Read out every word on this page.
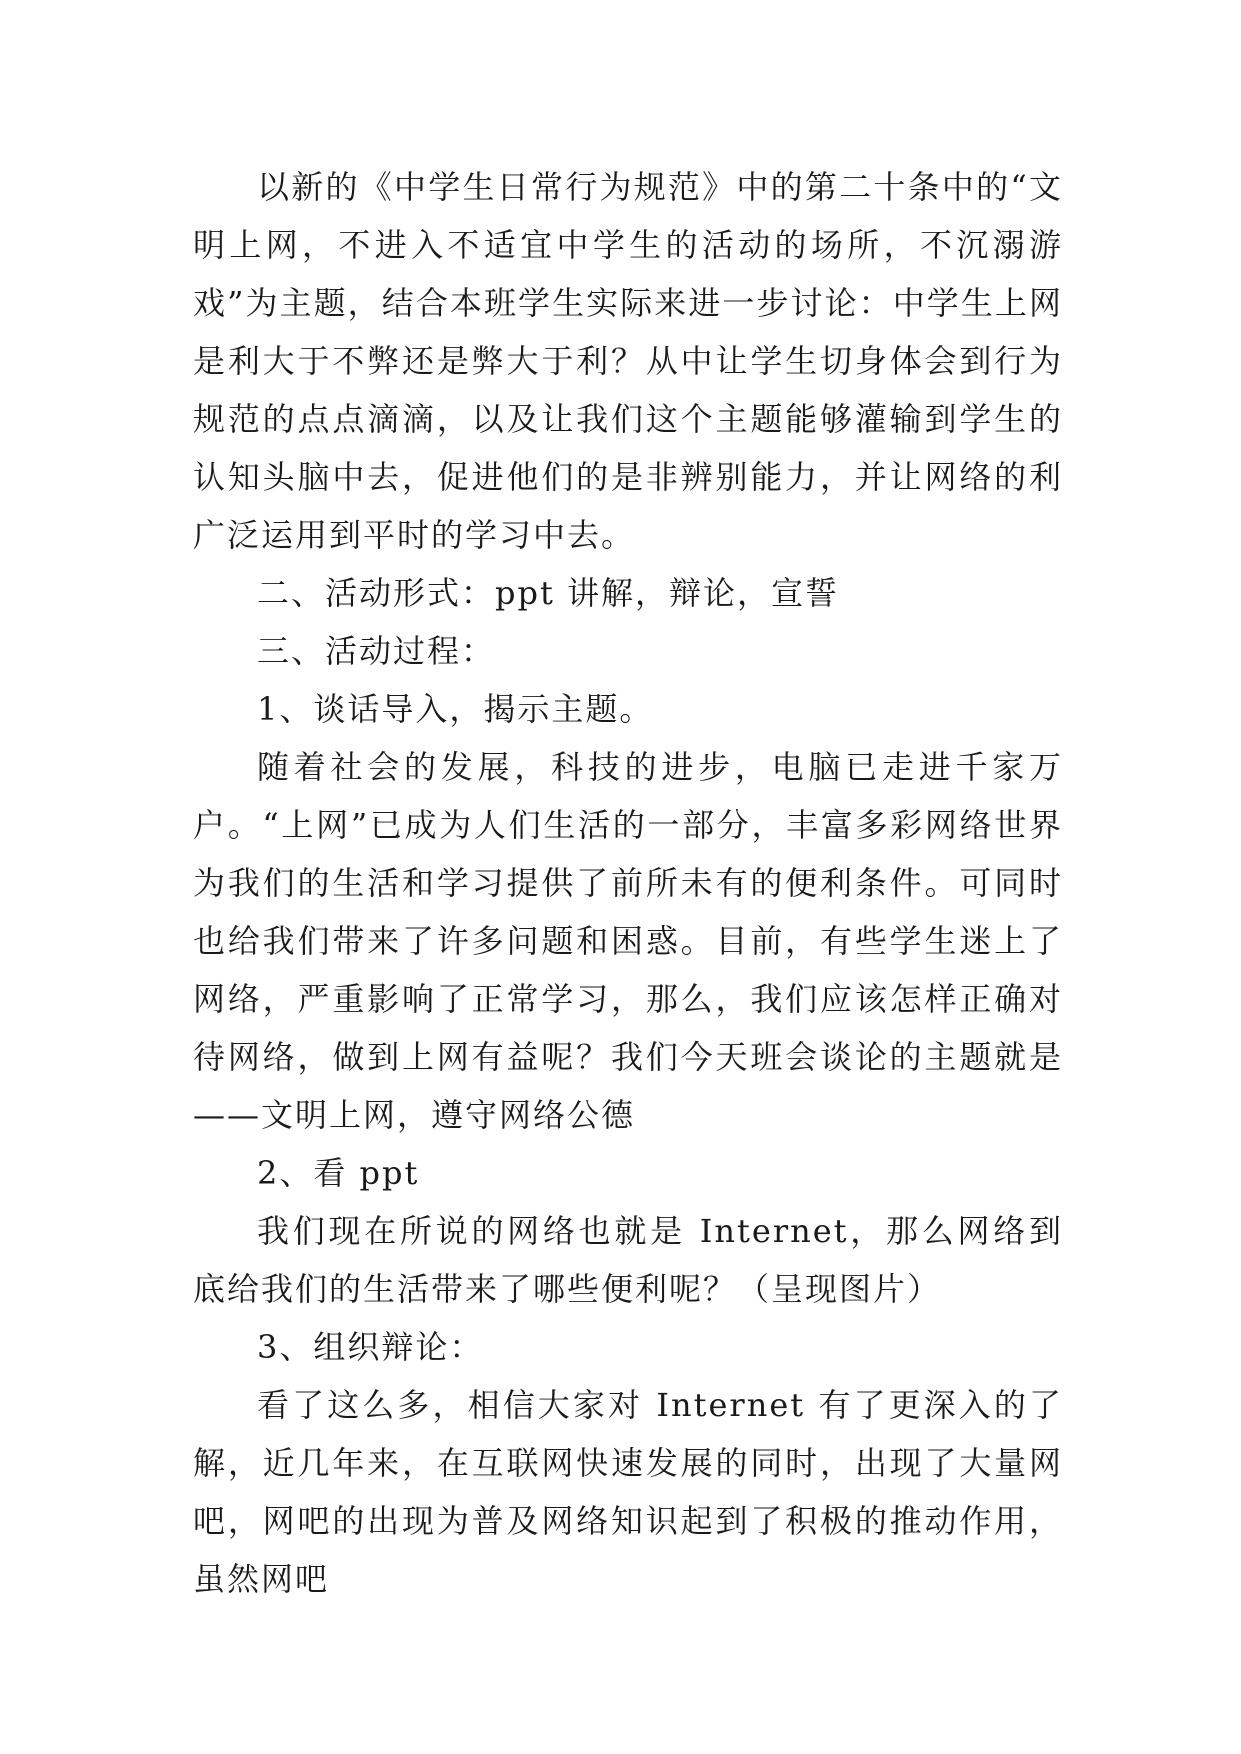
以新的《中学生日常行为规范》中的第二十条中的“文明上网，不进入不适宜中学生的活动的场所，不沉溺游戏”为主题，结合本班学生实际来进一步讨论：中学生上网是利大于不弊还是弊大于利？从中让学生切身体会到行为规范的点点滴滴，以及让我们这个主题能够灌输到学生的认知头脑中去，促进他们的是非辨别能力，并让网络的利广泛运用到平时的学习中去。

二、活动形式：ppt 讲解，辩论，宣誓

三、活动过程：

1、谈话导入，揭示主题。

随着社会的发展，科技的进步，电脑已走进千家万户。“上网”已成为人们生活的一部分，丰富多彩网络世界为我们的生活和学习提供了前所未有的便利条件。可同时也给我们带来了许多问题和困惑。目前，有些学生迷上了网络，严重影响了正常学习，那么，我们应该怎样正确对待网络，做到上网有益呢？我们今天班会谈论的主题就是——文明上网，遵守网络公德

2、看 ppt

我们现在所说的网络也就是 Internet，那么网络到底给我们的生活带来了哪些便利呢？（呈现图片）

3、组织辩论：

看了这么多，相信大家对 Internet 有了更深入的了解，近几年来，在互联网快速发展的同时，出现了大量网吧，网吧的出现为普及网络知识起到了积极的推动作用，虽然网吧
